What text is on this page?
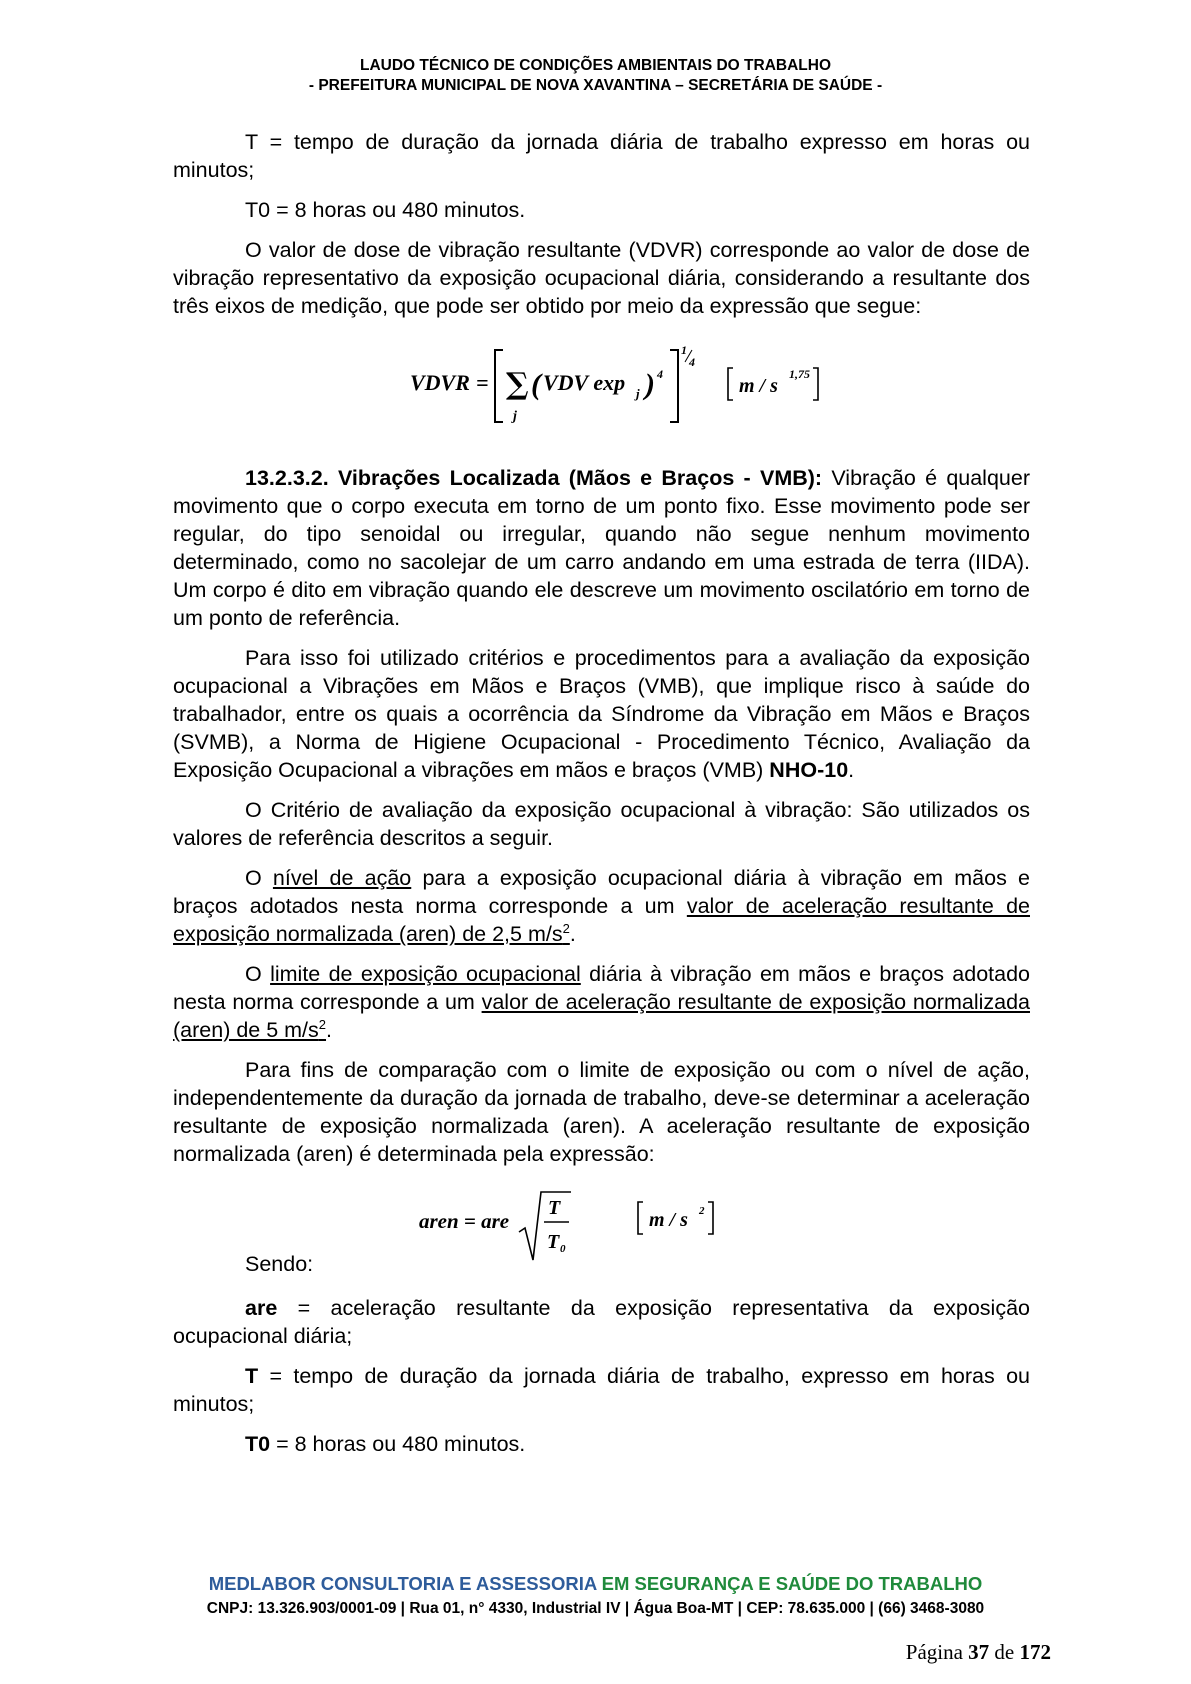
LAUDO TÉCNICO DE CONDIÇÕES AMBIENTAIS DO TRABALHO
- PREFEITURA MUNICIPAL DE NOVA XAVANTINA – SECRETÁRIA DE SAÚDE -

T = tempo de duração da jornada diária de trabalho expresso em horas ou minutos;

T0 = 8 horas ou 480 minutos.

O valor de dose de vibração resultante (VDVR) corresponde ao valor de dose de vibração representativo da exposição ocupacional diária, considerando a resultante dos três eixos de medição, que pode ser obtido por meio da expressão que segue:

VDVR = ∑
j
( VDV exp j ) 4
1
4
m / s
1,75

13.2.3.2. Vibrações Localizada (Mãos e Braços - VMB): Vibração é qualquer movimento que o corpo executa em torno de um ponto fixo. Esse movimento pode ser regular, do tipo senoidal ou irregular, quando não segue nenhum movimento determinado, como no sacolejar de um carro andando em uma estrada de terra (IIDA). Um corpo é dito em vibração quando ele descreve um movimento oscilatório em torno de um ponto de referência.

Para isso foi utilizado critérios e procedimentos para a avaliação da exposição ocupacional a Vibrações em Mãos e Braços (VMB), que implique risco à saúde do trabalhador, entre os quais a ocorrência da Síndrome da Vibração em Mãos e Braços (SVMB), a Norma de Higiene Ocupacional - Procedimento Técnico, Avaliação da Exposição Ocupacional a vibrações em mãos e braços (VMB) NHO-10.

O Critério de avaliação da exposição ocupacional à vibração: São utilizados os valores de referência descritos a seguir.

O nível de ação para a exposição ocupacional diária à vibração em mãos e braços adotados nesta norma corresponde a um valor de aceleração resultante de exposição normalizada (aren) de 2,5 $m/s^2$.

O limite de exposição ocupacional diária à vibração em mãos e braços adotado nesta norma corresponde a um valor de aceleração resultante de exposição normalizada (aren) de 5 $m/s^2$.

Para fins de comparação com o limite de exposição ou com o nível de ação, independentemente da duração da jornada de trabalho, deve-se determinar a aceleração resultante de exposição normalizada (aren). A aceleração resultante de exposição normalizada (aren) é determinada pela expressão:

aren = are
T
T 0
m / s 2

Sendo:

are = aceleração resultante da exposição representativa da exposição ocupacional diária;

T = tempo de duração da jornada diária de trabalho, expresso em horas ou minutos;

T0 = 8 horas ou 480 minutos.

MEDLABOR CONSULTORIA E ASSESSORIA EM SEGURANÇA E SAÚDE DO TRABALHO
CNPJ: 13.326.903/0001-09 | Rua 01, n° 4330, Industrial IV | Água Boa-MT | CEP: 78.635.000 | (66) 3468-3080
Página 37 de 172
